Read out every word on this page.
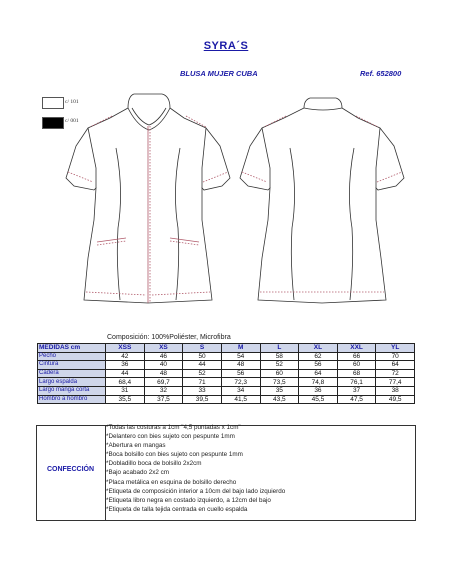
SYRA´S
BLUSA MUJER CUBA	Ref. 652800
c/ 101
c/ 001
Composición: 100%Poliéster, Microfibra
MEDIDAS cm	XSS	XS	S	M	L	XL	XXL	YL
Pecho	42	46	50	54	58	62	66	70
Cintura	36	40	44	48	52	56	60	64
Cadera	44	48	52	56	60	64	68	72
Largo espalda	68,4	69,7	71	72,3	73,5	74,8	76,1	77,4
Largo manga corta	31	32	33	34	35	36	37	38
Hombro a hombro	35,5	37,5	39,5	41,5	43,5	45,5	47,5	49,5
CONFECCIÓN
*Todas las costuras a 1cm "4,5 puntadas x 1cm"
*Delantero con bies sujeto con pespunte 1mm
*Abertura en mangas
*Boca bolsillo con bies sujeto con pespunte 1mm
*Dobladillo boca de bolsillo 2x2cm
*Bajo acabado 2x2 cm
*Placa metálica en esquina de bolsillo derecho
*Etiqueta de composición interior a 10cm del bajo lado izquierdo
*Etiqueta libro negra en costado izquierdo, a 12cm del bajo
*Etiqueta de talla tejida centrada en cuello espalda
